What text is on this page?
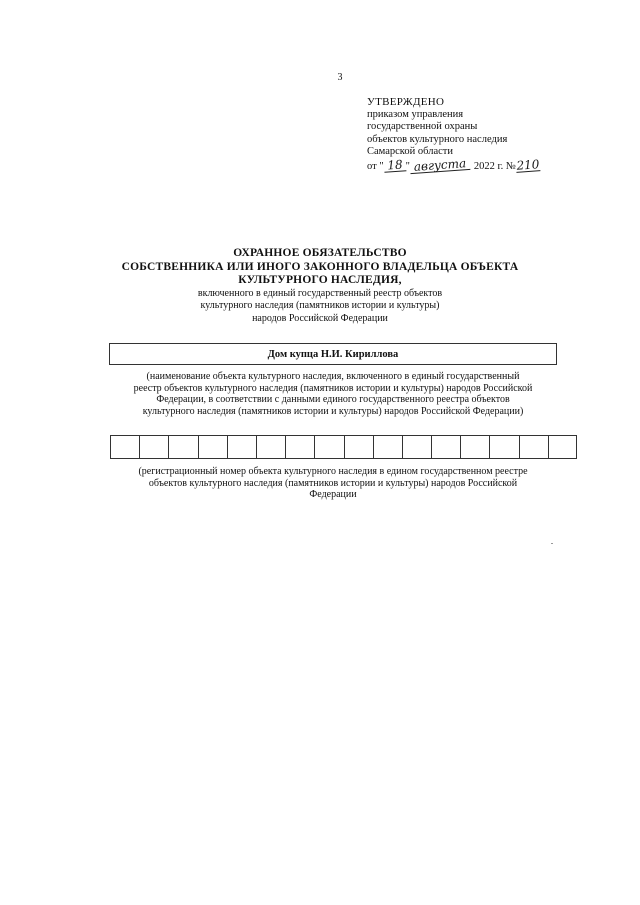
3
УТВЕРЖДЕНО
приказом управления
государственной охраны
объектов культурного наследия
Самарской области
от " 18 " августа 2022 г. № 210
ОХРАННОЕ ОБЯЗАТЕЛЬСТВО
СОБСТВЕННИКА ИЛИ ИНОГО ЗАКОННОГО ВЛАДЕЛЬЦА ОБЪЕКТА
КУЛЬТУРНОГО НАСЛЕДИЯ,
включенного в единый государственный реестр объектов
культурного наследия (памятников истории и культуры)
народов Российской Федерации
Дом купца Н.И. Кириллова
(наименование объекта культурного наследия, включенного в единый государственный
реестр объектов культурного наследия (памятников истории и культуры) народов Российской
Федерации, в соответствии с данными единого государственного реестра объектов
культурного наследия (памятников истории и культуры) народов Российской Федерации)
(регистрационный номер объекта культурного наследия в едином государственном реестре
объектов культурного наследия (памятников истории и культуры) народов Российской
Федерации
